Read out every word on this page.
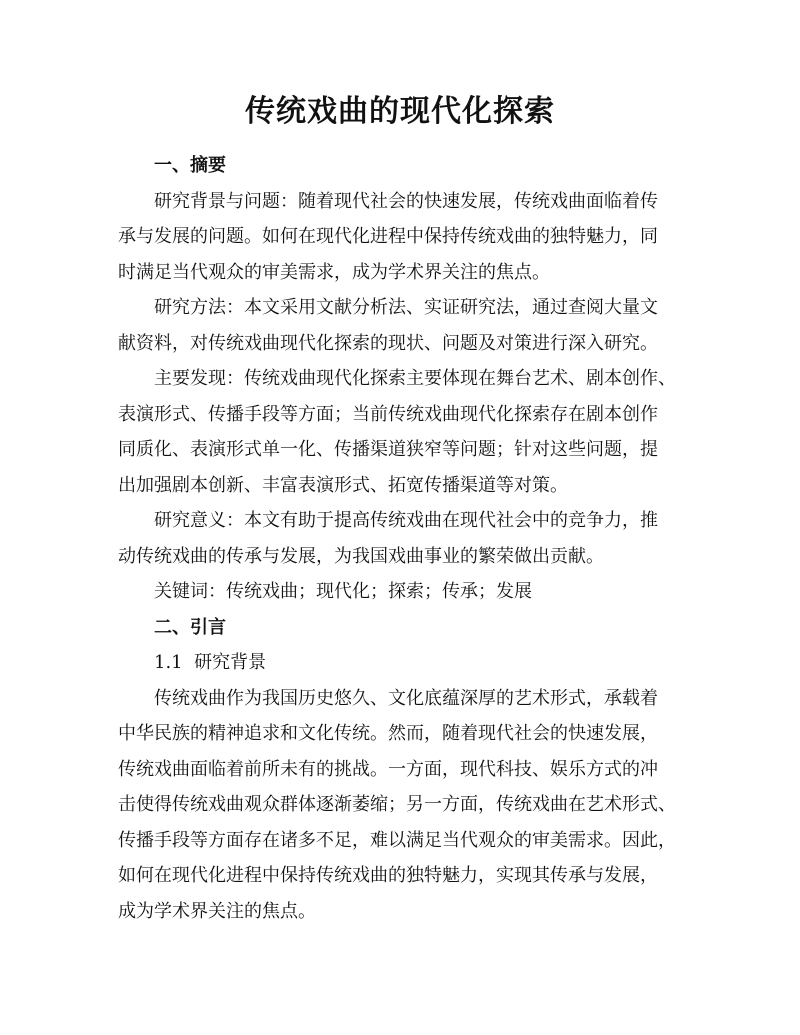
传统戏曲的现代化探索

一、摘要

研究背景与问题：随着现代社会的快速发展，传统戏曲面临着传

承与发展的问题。如何在现代化进程中保持传统戏曲的独特魅力，同

时满足当代观众的审美需求，成为学术界关注的焦点。

研究方法：本文采用文献分析法、实证研究法，通过查阅大量文

献资料，对传统戏曲现代化探索的现状、问题及对策进行深入研究。

主要发现：传统戏曲现代化探索主要体现在舞台艺术、剧本创作、

表演形式、传播手段等方面；当前传统戏曲现代化探索存在剧本创作

同质化、表演形式单一化、传播渠道狭窄等问题；针对这些问题，提

出加强剧本创新、丰富表演形式、拓宽传播渠道等对策。

研究意义：本文有助于提高传统戏曲在现代社会中的竞争力，推

动传统戏曲的传承与发展，为我国戏曲事业的繁荣做出贡献。

关键词：传统戏曲；现代化；探索；传承；发展

二、引言

1.1  研究背景

传统戏曲作为我国历史悠久、文化底蕴深厚的艺术形式，承载着

中华民族的精神追求和文化传统。然而，随着现代社会的快速发展，

传统戏曲面临着前所未有的挑战。一方面，现代科技、娱乐方式的冲

击使得传统戏曲观众群体逐渐萎缩；另一方面，传统戏曲在艺术形式、

传播手段等方面存在诸多不足，难以满足当代观众的审美需求。因此，

如何在现代化进程中保持传统戏曲的独特魅力，实现其传承与发展，

成为学术界关注的焦点。
